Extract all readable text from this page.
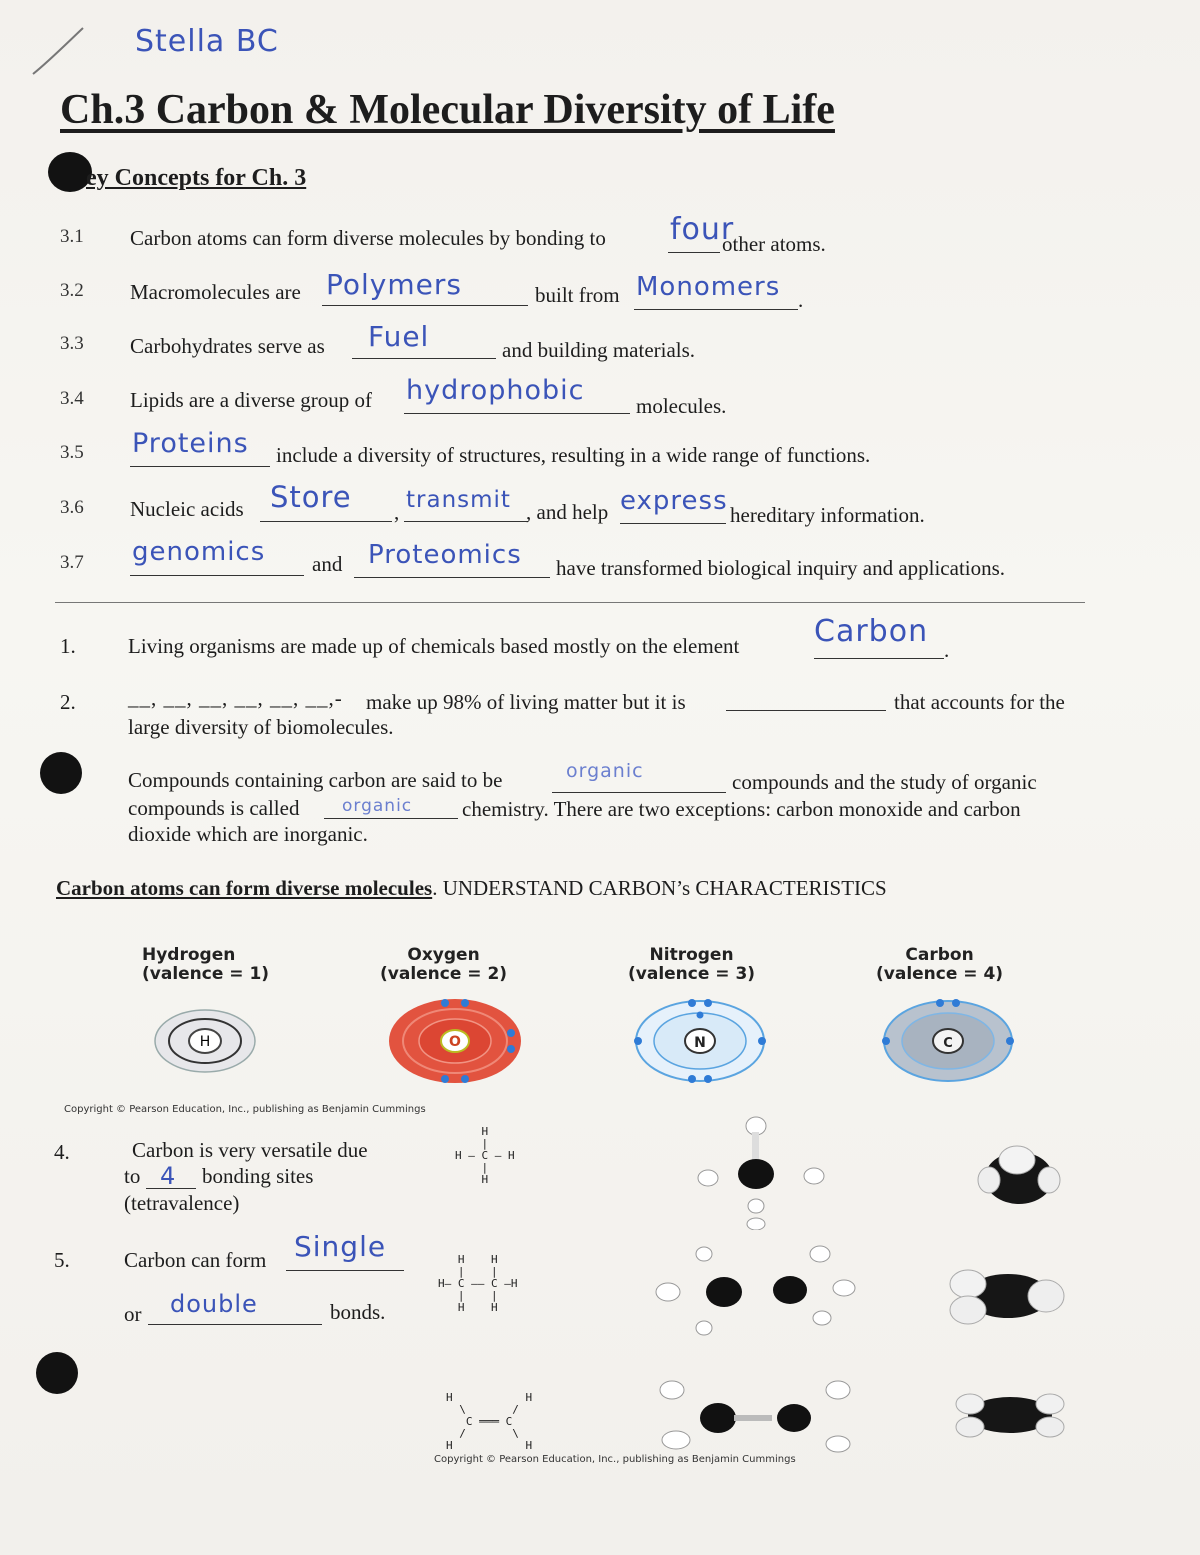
Stella BC
Ch.3 Carbon & Molecular Diversity of Life
ey Concepts for Ch. 3
3.1 Carbon atoms can form diverse molecules by bonding to four
other atoms.
3.2 Macromolecules are Polymers	built from Monomers .
3.3 Carbohydrates serve as Fuel	and building materials.
3.4 Lipids are a diverse group of hydrophobic molecules.
3.5 Proteins include a diversity of structures, resulting in a wide range of functions.
3.6 Nucleic acids Store , transmit , and help express hereditary information.
3.7 genomics and Proteomics have transformed biological inquiry and applications.
1. Living organisms are made up of chemicals based mostly on the element Carbon
.
2. __, __, __, __, __, __,- make up 98% of living matter but it is	that accounts for the
large diversity of biomolecules.
Compounds containing carbon are said to be	organic	compounds and the study of organic
compounds is called	organic chemistry. There are two exceptions: carbon monoxide and carbon
dioxide which are inorganic.
Carbon atoms can form diverse molecules. UNDERSTAND CARBON’s CHARACTERISTICS
Hydrogen
(valence = 1)
Oxygen
(valence = 2)
Nitrogen
(valence = 3)
Carbon
(valence = 4)
H	O	N	C
Copyright © Pearson Education, Inc., publishing as Benjamin Cummings
4.	Carbon is very versatile due
to 4 bonding sites
(tetravalence)
H
|
H — C — H
|
H
5.	Carbon can form Single
or double	bonds.
H    H
|    |
H— C —— C —H
|    |
H    H
H           H
\       /
C ═══ C
/       \
H           H
Copyright © Pearson Education, Inc., publishing as Benjamin Cummings
